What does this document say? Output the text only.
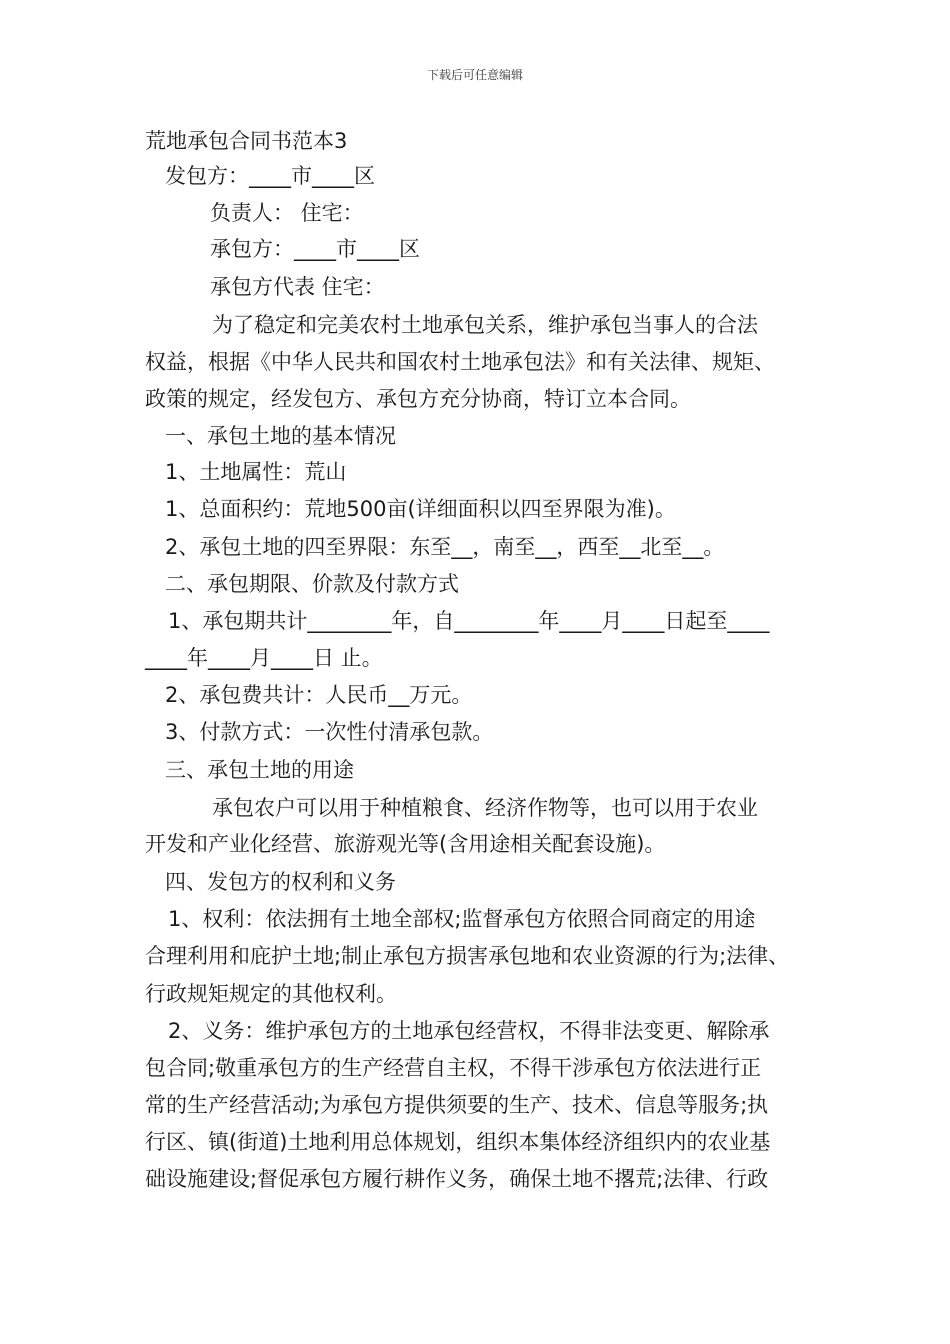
下载后可任意编辑
荒地承包合同书范本3
发包方：____市____区
负责人： 住宅：
承包方：____市____区
承包方代表 住宅：
为了稳定和完美农村土地承包关系，维护承包当事人的合法
权益，根据《中华人民共和国农村土地承包法》和有关法律、规矩、
政策的规定，经发包方、承包方充分协商，特订立本合同。
一、承包土地的基本情况
1、土地属性：荒山
1、总面积约：荒地500亩(详细面积以四至界限为准)。
2、承包土地的四至界限：东至__，南至__，西至__北至__。
二、承包期限、价款及付款方式
1、承包期共计________年，自________年____月____日起至____
____年____月____日 止。
2、承包费共计：人民币__万元。
3、付款方式：一次性付清承包款。
三、承包土地的用途
承包农户可以用于种植粮食、经济作物等，也可以用于农业
开发和产业化经营、旅游观光等(含用途相关配套设施)。
四、发包方的权利和义务
1、权利：依法拥有土地全部权;监督承包方依照合同商定的用途
合理利用和庇护土地;制止承包方损害承包地和农业资源的行为;法律、
行政规矩规定的其他权利。
2、义务：维护承包方的土地承包经营权，不得非法变更、解除承
包合同;敬重承包方的生产经营自主权，不得干涉承包方依法进行正
常的生产经营活动;为承包方提供须要的生产、技术、信息等服务;执
行区、镇(街道)土地利用总体规划，组织本集体经济组织内的农业基
础设施建设;督促承包方履行耕作义务，确保土地不撂荒;法律、行政
